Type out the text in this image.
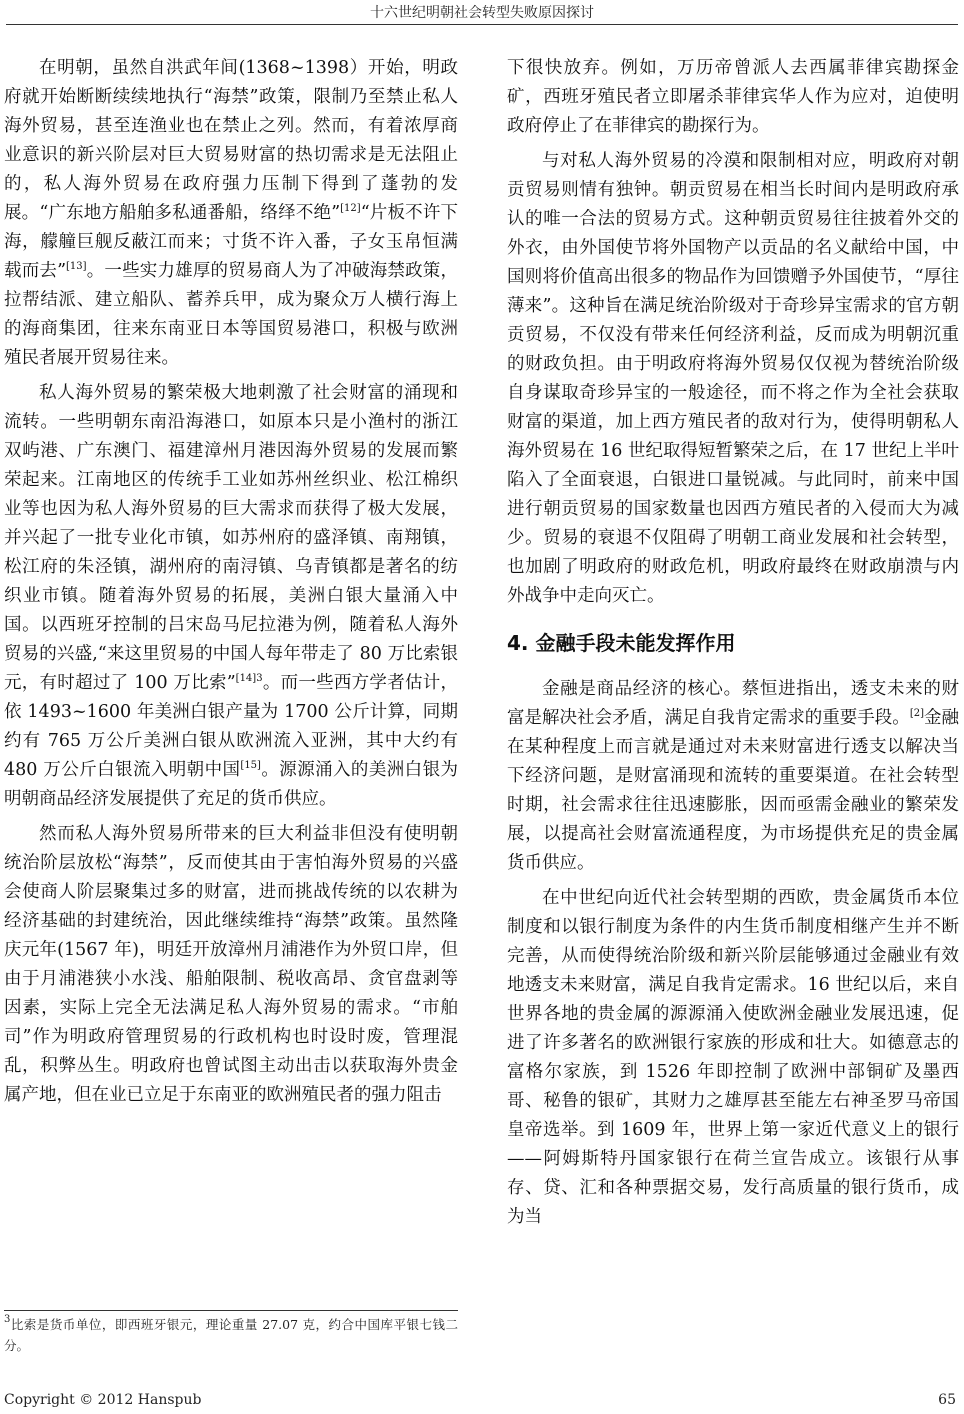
十六世纪明朝社会转型失败原因探讨

在明朝，虽然自洪武年间(1368~1398）开始，明政府就开始断断续续地执行“海禁”政策，限制乃至禁止私人海外贸易，甚至连渔业也在禁止之列。然而，有着浓厚商业意识的新兴阶层对巨大贸易财富的热切需求是无法阻止的，私人海外贸易在政府强力压制下得到了蓬勃的发展。“广东地方船舶多私通番船，络绎不绝”[12]“片板不许下海，艨艟巨舰反蔽江而来；寸货不许入番，子女玉帛恒满载而去”[13]。一些实力雄厚的贸易商人为了冲破海禁政策，拉帮结派、建立船队、蓄养兵甲，成为聚众万人横行海上的海商集团，往来东南亚日本等国贸易港口，积极与欧洲殖民者展开贸易往来。

私人海外贸易的繁荣极大地刺激了社会财富的涌现和流转。一些明朝东南沿海港口，如原本只是小渔村的浙江双屿港、广东澳门、福建漳州月港因海外贸易的发展而繁荣起来。江南地区的传统手工业如苏州丝织业、松江棉织业等也因为私人海外贸易的巨大需求而获得了极大发展，并兴起了一批专业化市镇，如苏州府的盛泽镇、南翔镇，松江府的朱泾镇，湖州府的南浔镇、乌青镇都是著名的纺织业市镇。随着海外贸易的拓展，美洲白银大量涌入中国。以西班牙控制的吕宋岛马尼拉港为例，随着私人海外贸易的兴盛,“来这里贸易的中国人每年带走了 80 万比索银元，有时超过了 100 万比索”$^{[14]3}$。而一些西方学者估计，依 1493~1600 年美洲白银产量为 1700 公斤计算，同期约有 765 万公斤美洲白银从欧洲流入亚洲，其中大约有 480 万公斤白银流入明朝中国[15]。源源涌入的美洲白银为明朝商品经济发展提供了充足的货币供应。

然而私人海外贸易所带来的巨大利益非但没有使明朝统治阶层放松“海禁”，反而使其由于害怕海外贸易的兴盛会使商人阶层聚集过多的财富，进而挑战传统的以农耕为经济基础的封建统治，因此继续维持“海禁”政策。虽然隆庆元年(1567 年)，明廷开放漳州月浦港作为外贸口岸，但由于月浦港狭小水浅、船舶限制、税收高昂、贪官盘剥等因素，实际上完全无法满足私人海外贸易的需求。“市舶司”作为明政府管理贸易的行政机构也时设时废，管理混乱，积弊丛生。明政府也曾试图主动出击以获取海外贵金属产地，但在业已立足于东南亚的欧洲殖民者的强力阻击

下很快放弃。例如，万历帝曾派人去西属菲律宾勘探金矿，西班牙殖民者立即屠杀菲律宾华人作为应对，迫使明政府停止了在菲律宾的勘探行为。

与对私人海外贸易的冷漠和限制相对应，明政府对朝贡贸易则情有独钟。朝贡贸易在相当长时间内是明政府承认的唯一合法的贸易方式。这种朝贡贸易往往披着外交的外衣，由外国使节将外国物产以贡品的名义献给中国，中国则将价值高出很多的物品作为回馈赠予外国使节，“厚往薄来”。这种旨在满足统治阶级对于奇珍异宝需求的官方朝贡贸易，不仅没有带来任何经济利益，反而成为明朝沉重的财政负担。由于明政府将海外贸易仅仅视为替统治阶级自身谋取奇珍异宝的一般途径，而不将之作为全社会获取财富的渠道，加上西方殖民者的敌对行为，使得明朝私人海外贸易在 16 世纪取得短暂繁荣之后，在 17 世纪上半叶陷入了全面衰退，白银进口量锐减。与此同时，前来中国进行朝贡贸易的国家数量也因西方殖民者的入侵而大为减少。贸易的衰退不仅阻碍了明朝工商业发展和社会转型，也加剧了明政府的财政危机，明政府最终在财政崩溃与内外战争中走向灭亡。

4. 金融手段未能发挥作用

金融是商品经济的核心。蔡恒进指出，透支未来的财富是解决社会矛盾，满足自我肯定需求的重要手段。[2]金融在某种程度上而言就是通过对未来财富进行透支以解决当下经济问题，是财富涌现和流转的重要渠道。在社会转型时期，社会需求往往迅速膨胀，因而亟需金融业的繁荣发展，以提高社会财富流通程度，为市场提供充足的贵金属货币供应。

在中世纪向近代社会转型期的西欧，贵金属货币本位制度和以银行制度为条件的内生货币制度相继产生并不断完善，从而使得统治阶级和新兴阶层能够通过金融业有效地透支未来财富，满足自我肯定需求。16 世纪以后，来自世界各地的贵金属的源源涌入使欧洲金融业发展迅速，促进了许多著名的欧洲银行家族的形成和壮大。如德意志的富格尔家族，到 1526 年即控制了欧洲中部铜矿及墨西哥、秘鲁的银矿，其财力之雄厚甚至能左右神圣罗马帝国皇帝选举。到 1609 年，世界上第一家近代意义上的银行——阿姆斯特丹国家银行在荷兰宣告成立。该银行从事存、贷、汇和各种票据交易，发行高质量的银行货币，成为当

$^3$比索是货币单位，即西班牙银元，理论重量 27.07 克，约合中国库平银七钱二分。
Copyright © 2012 Hanspub	65
